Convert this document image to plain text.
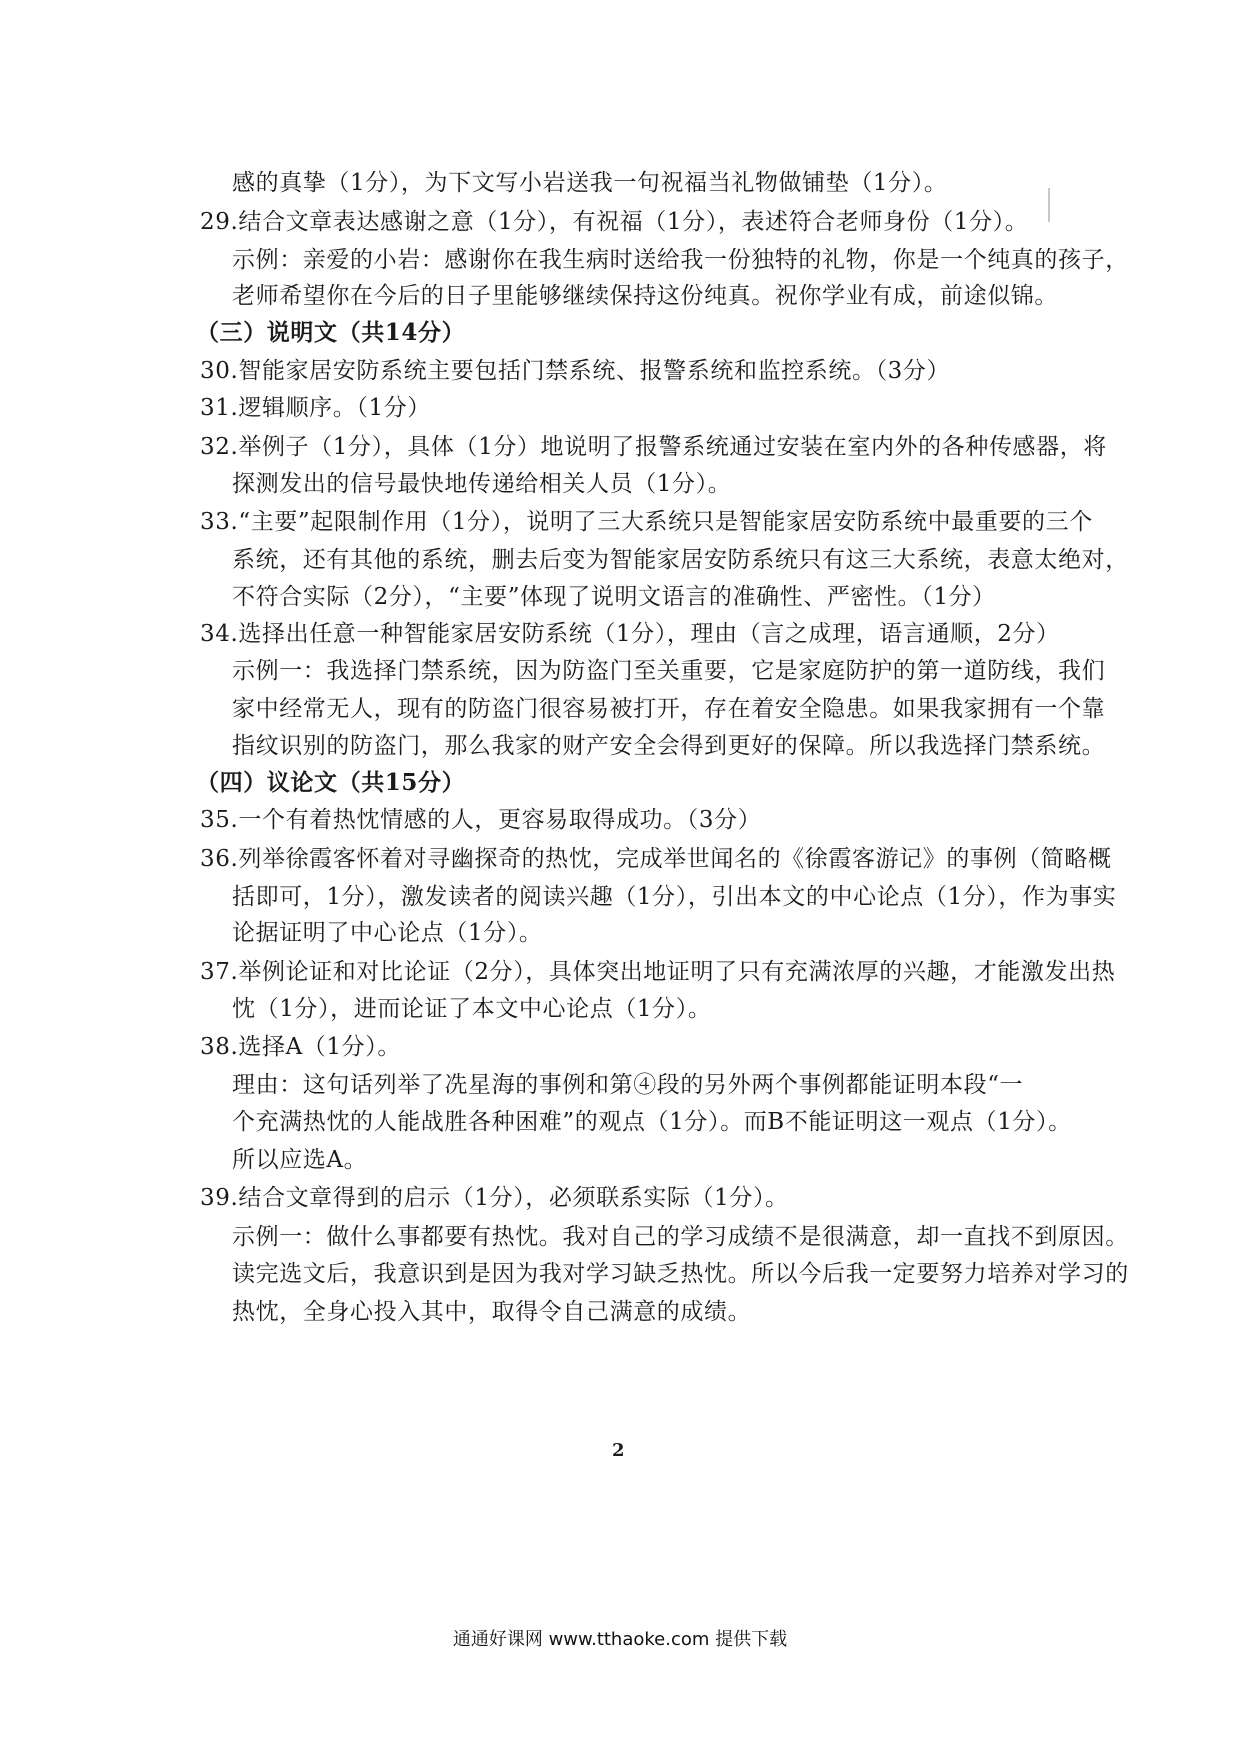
感的真挚（1分），为下文写小岩送我一句祝福当礼物做铺垫（1分）。
29.结合文章表达感谢之意（1分），有祝福（1分），表述符合老师身份（1分）。
示例：亲爱的小岩：感谢你在我生病时送给我一份独特的礼物，你是一个纯真的孩子，
老师希望你在今后的日子里能够继续保持这份纯真。祝你学业有成，前途似锦。
（三）说明文（共14分）
30.智能家居安防系统主要包括门禁系统、报警系统和监控系统。（3分）
31.逻辑顺序。（1分）
32.举例子（1分），具体（1分）地说明了报警系统通过安装在室内外的各种传感器，将
探测发出的信号最快地传递给相关人员（1分）。
33.“主要”起限制作用（1分），说明了三大系统只是智能家居安防系统中最重要的三个
系统，还有其他的系统，删去后变为智能家居安防系统只有这三大系统，表意太绝对，
不符合实际（2分），“主要”体现了说明文语言的准确性、严密性。（1分）
34.选择出任意一种智能家居安防系统（1分），理由（言之成理，语言通顺，2分）
示例一：我选择门禁系统，因为防盗门至关重要，它是家庭防护的第一道防线，我们
家中经常无人，现有的防盗门很容易被打开，存在着安全隐患。如果我家拥有一个靠
指纹识别的防盗门，那么我家的财产安全会得到更好的保障。所以我选择门禁系统。
（四）议论文（共15分）
35.一个有着热忱情感的人，更容易取得成功。（3分）
36.列举徐霞客怀着对寻幽探奇的热忱，完成举世闻名的《徐霞客游记》的事例（简略概
括即可，1分），激发读者的阅读兴趣（1分），引出本文的中心论点（1分），作为事实
论据证明了中心论点（1分）。
37.举例论证和对比论证（2分），具体突出地证明了只有充满浓厚的兴趣，才能激发出热
忱（1分），进而论证了本文中心论点（1分）。
38.选择A（1分）。
理由：这句话列举了冼星海的事例和第④段的另外两个事例都能证明本段“一
个充满热忱的人能战胜各种困难”的观点（1分）。而B不能证明这一观点（1分）。
所以应选A。
39.结合文章得到的启示（1分），必须联系实际（1分）。
示例一：做什么事都要有热忱。我对自己的学习成绩不是很满意，却一直找不到原因。
读完选文后，我意识到是因为我对学习缺乏热忱。所以今后我一定要努力培养对学习的
热忱，全身心投入其中，取得令自己满意的成绩。
2
通通好课网 www.tthaoke.com 提供下载
